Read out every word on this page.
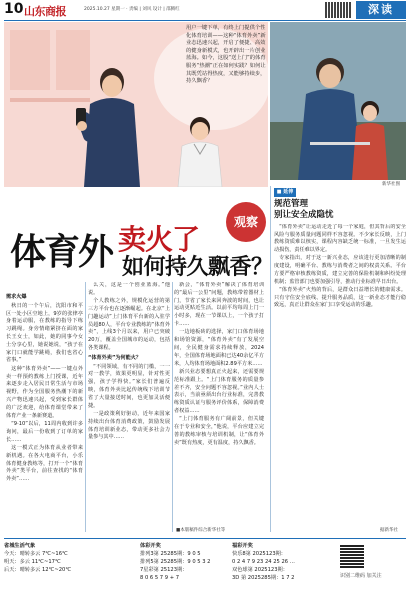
10 山东商报	2025.10.27 星期一 · 责编 | 刘风 设计 | 邵腾红	深读
用户一键下单，有终上门提供个性化体育培训——这种“体育外卖”新业态迅速兴起，开启了便捷、高效的健身新模式，也开辟出一片创业蓝海。如今，这股“送上门”的体育服务“热潮”正在如何实践？如何让其既凭站得热度，又能够持续步，持久飘香？
新华社图
观察
体育外 卖火了
如何持久飘香？

需求火爆

秋日的一个午后，沈阳市和平区一处小区空地上，9岁的张律亭身着运动服，在教练的指导下练习跳绳。身旁情绪紧挤在面的家长王女士，如此，她的同事今女士分享心里，她说她说，“孩子在家门口就能学跳绳，我们也省心省事。”

这种“体育外卖”——一键点外卖一样预约教练上门授课，近年来逐步走入居民日常生活与市场视野，作为全国服务热潮下的新兴产物迅速兴起，受到家长群体的广泛欢迎，给体育课堂带来了体育产业一条新赛道。

“9·10”以后，11周内收到许多询问，最后一份收到了订单的家长……

这一模式正为体育从业者带来新机遇。在各大电商平台，小乐体育健身教练等，打开一个“体育外卖”类平台，前往查找的“体育外卖”……

么关，这是一个创业蓝海。”他说。

个人教练之外，规模化运营的第三方平台也在逐渐崛起。在北京“上门趣运动”上门体育平台新的入驻学员超80人，平台专业教练的“体育外卖”，上线3个月以来，用户已突破20万，覆盖全国城市的运动，包括各类课程。

“体育外卖”为何能火？

“不同领域，有不同的门槛，一一对一教学，效果更明显，针对性更强，孩子学得快。”家长们普遍反映，体育外卖比起传统线下培训节省了大量接送时间，也更加灵活便捷。

一是政策利好驱动，近年来国家持续出台体育消费政策，鼓励发展体育培训新业态，带动更多社会力量参与其中……

新会，“体育外卖”解决了体育培训的“最后一公里”问题，教练带着器材上门，节省了家长来回奔波的时间，也让运动更贴近生活。以前平均每周上门一小时多，现在一节课以上，一个孩子打卡……

一边地板砖的选择，家门口体育场地和场馆资源，“体育外卖”有了发展空间，全民健身需求持续释放，2024年，全国体育场地面积已达40余亿平方米，人均体育场地面积2.89平方米……

新兴业态要想真正火起来，还需要规范标准跟上。“上门体育服务的质量参差不齐，安全问题不容忽视。”业内人士表示，当前亟须出台行业标准，完善教练资质认证与服务评价体系，保障消费者权益……

“上门体育服务有广阔前景，但关键在于专业和安全，”他说，平台应建立完善的教练审核与培训机制，让“体育外卖”既有热度，更有温度，持久飘香。

■本版稿件综合新华社等
■ 延伸
规范管理
别让安全成隐忧

“体育外卖”让运动走近了每一个家庭，但其背后的安全风险与服务质量问题同样不容忽视。不少家长反映，上门教练资质难以核实，课程内容缺乏统一标准，一旦发生运动损伤，责任难以界定。

专家指出，对于这一新兴业态，应该进行更加清晰的制度建设，明确平台、教练与消费者之间的权责关系。平台方要严格审核教练资质，建立完善的保险机制和纠纷处理机制；监管部门也要加强引导，推动行业标准早日出台。

“体育外卖”火热的背后，是群众日益增长的健康需求。只有守住安全底线、提升服务品质，这一新业态才能行稳致远，真正让群众在家门口享受运动的乐趣。

据新华社
省城生活气象
今天：晴转多云 7℃~16℃
明天：多云 11℃~17℃
后天：晴转多云 12℃~20℃
体彩开奖
排列3第 25285期：9 0 5
排列5第 25285期：9 0 5 3 2
7星彩第 25123期：
8 0 6 5 7 9 + 7
福彩开奖
快乐8第 2025123期：
0 2 4 7 9 23 24 25 26 …
双色球第 2025123期：
3D 第 2025285期：1 7 2	识别二维码 加关注
